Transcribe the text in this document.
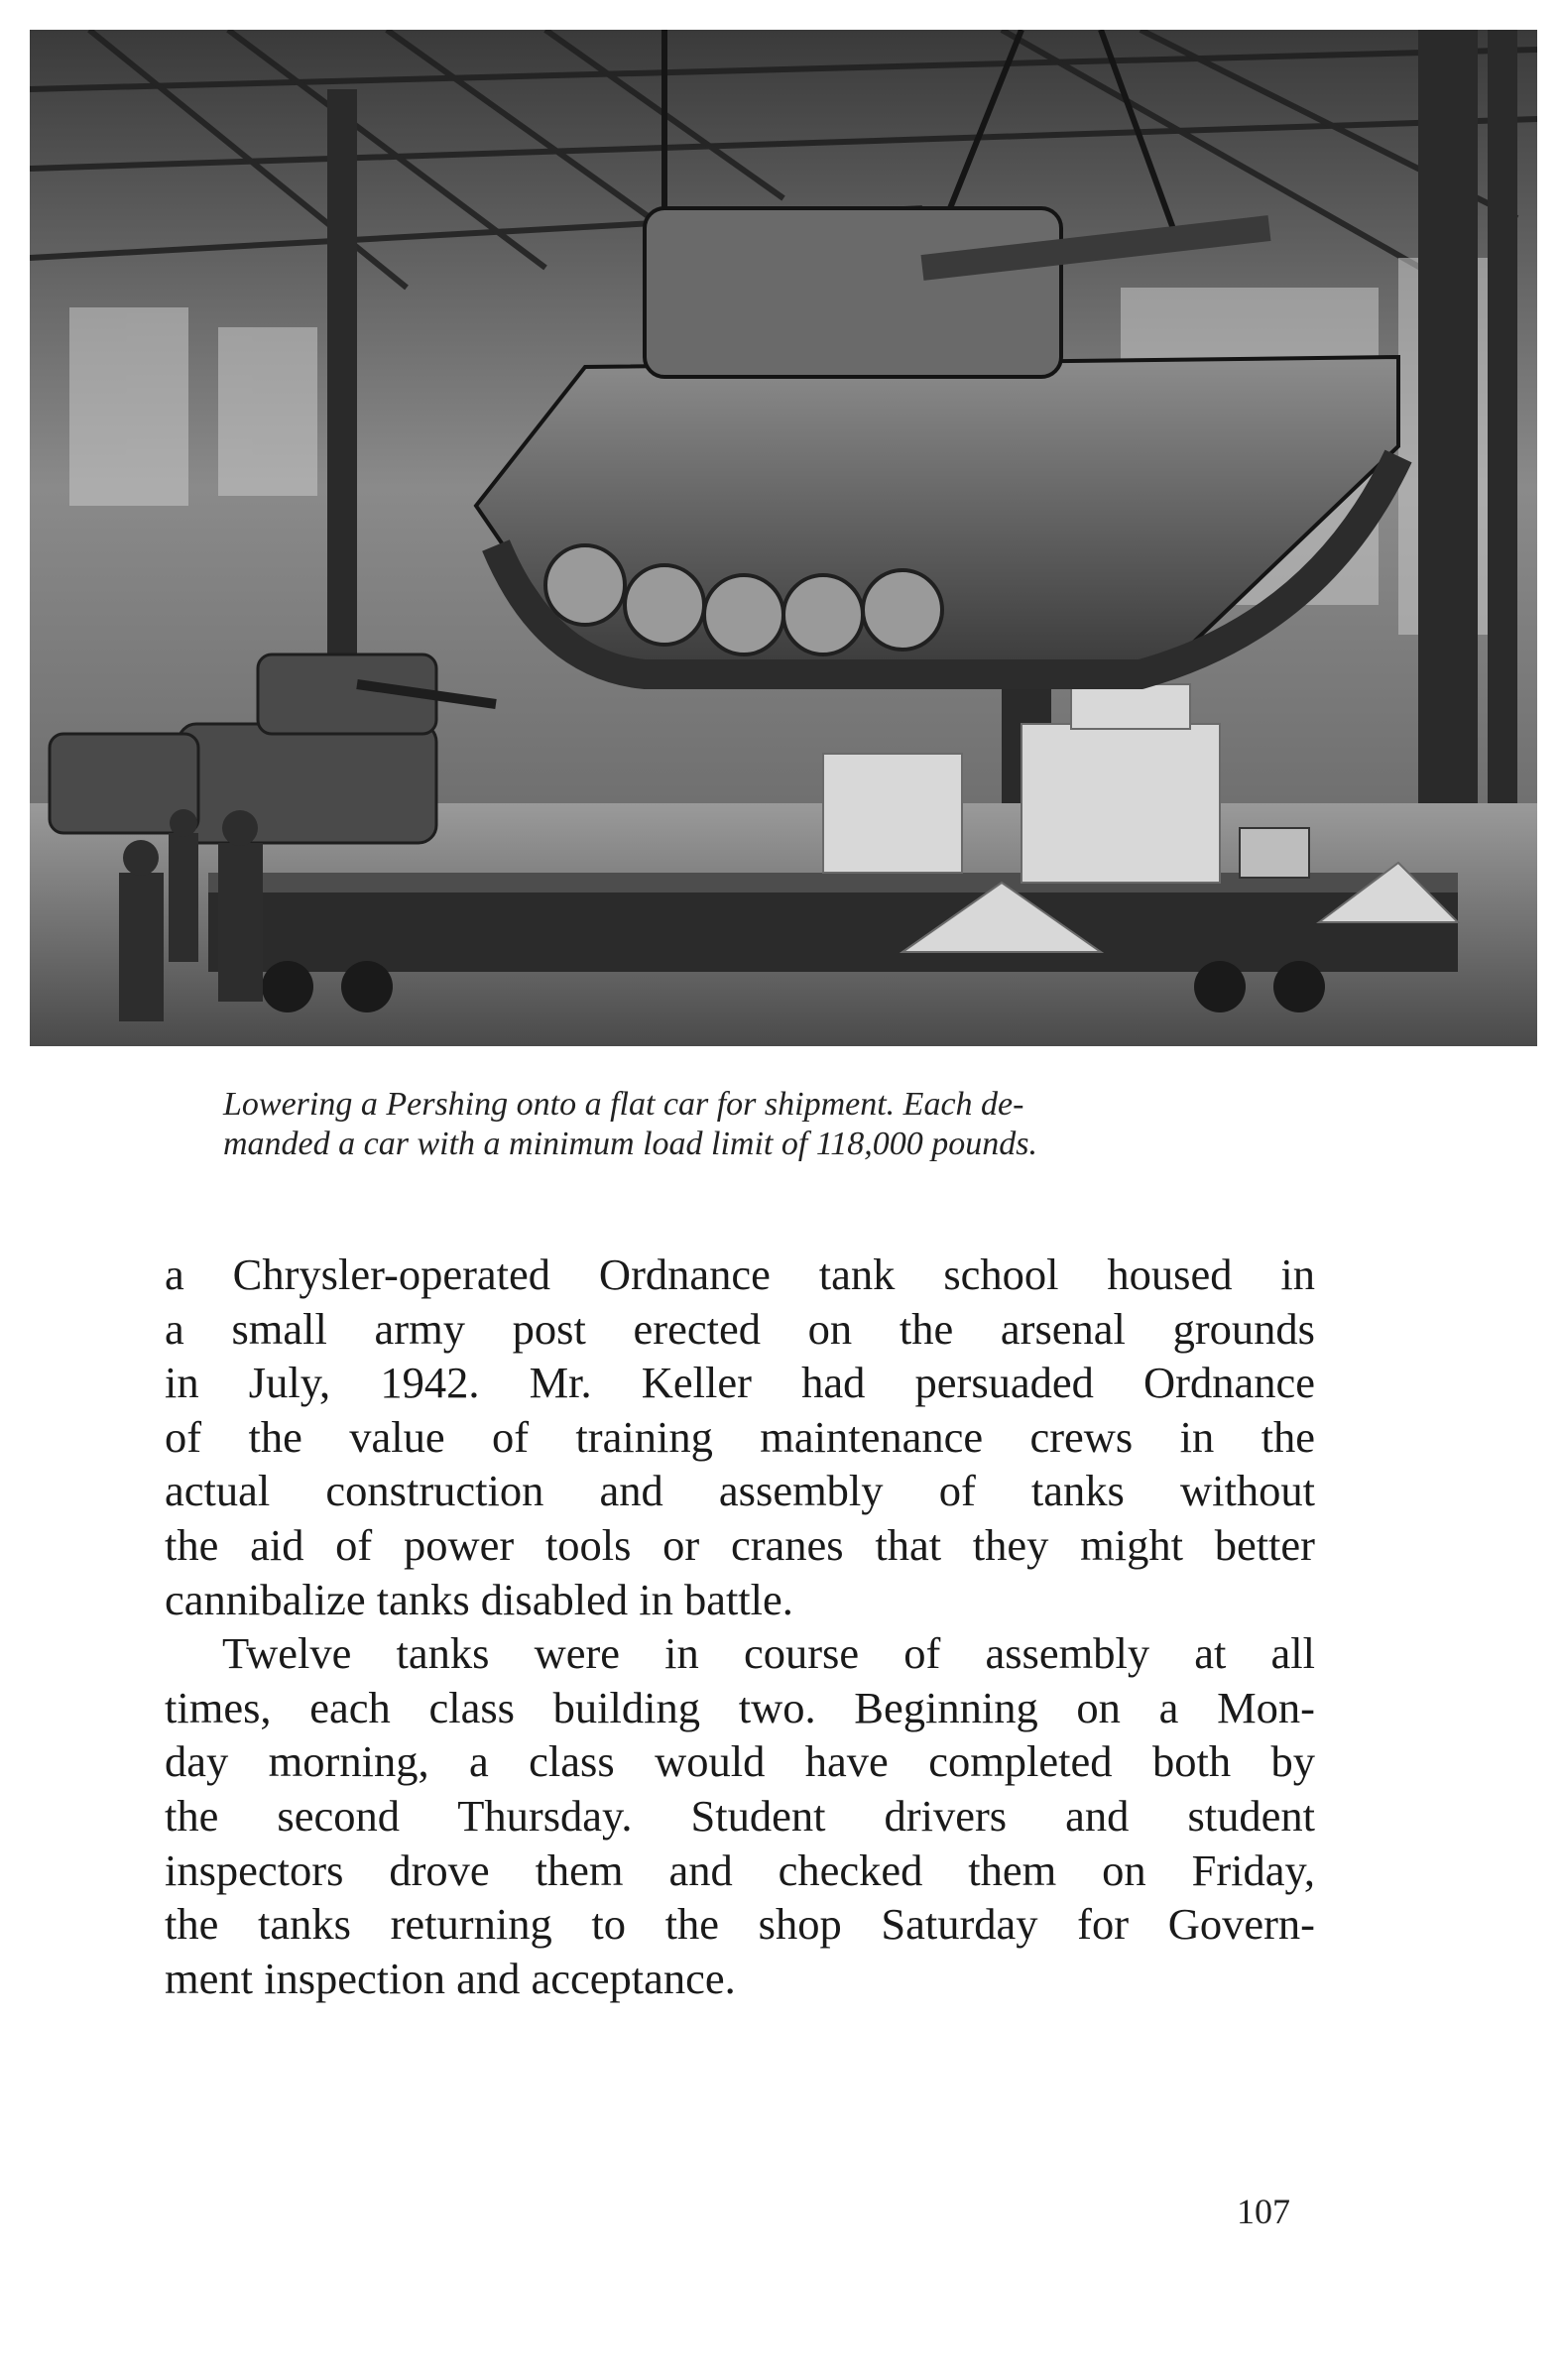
Lowering a Pershing onto a flat car for shipment. Each de-
manded a car with a minimum load limit of 118,000 pounds.
a Chrysler-operated Ordnance tank school housed in
a small army post erected on the arsenal grounds
in July, 1942. Mr. Keller had persuaded Ordnance
of the value of training maintenance crews in the
actual construction and assembly of tanks without
the aid of power tools or cranes that they might better
cannibalize tanks disabled in battle.
Twelve tanks were in course of assembly at all
times, each class building two. Beginning on a Mon-
day morning, a class would have completed both by
the second Thursday. Student drivers and student
inspectors drove them and checked them on Friday,
the tanks returning to the shop Saturday for Govern-
ment inspection and acceptance.
107
